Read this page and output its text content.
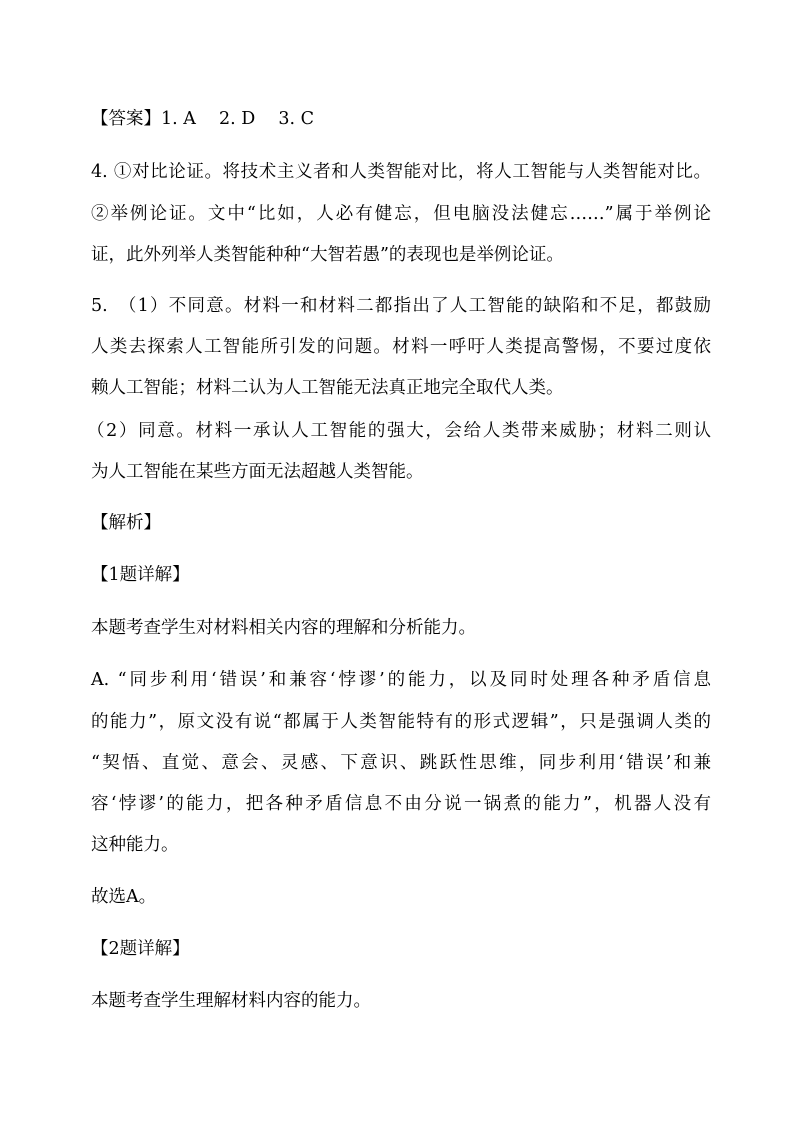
【答案】1. A　 2. D　 3. C
4. ①对比论证。将技术主义者和人类智能对比，将人工智能与人类智能对比。
②举例论证。文中“比如，人必有健忘，但电脑没法健忘……”属于举例论
证，此外列举人类智能种种“大智若愚”的表现也是举例论证。
5.　（1）不同意。材料一和材料二都指出了人工智能的缺陷和不足，都鼓励
人类去探索人工智能所引发的问题。材料一呼吁人类提高警惕，不要过度依
赖人工智能；材料二认为人工智能无法真正地完全取代人类。
（2）同意。材料一承认人工智能的强大，会给人类带来威胁；材料二则认
为人工智能在某些方面无法超越人类智能。
【解析】
【1题详解】
本题考查学生对材料相关内容的理解和分析能力。
A. “同步利用‘错误’和兼容‘悖谬’的能力，以及同时处理各种矛盾信息
的能力”，原文没有说“都属于人类智能特有的形式逻辑”，只是强调人类的
“契悟、直觉、意会、灵感、下意识、跳跃性思维，同步利用‘错误’和兼
容‘悖谬’的能力，把各种矛盾信息不由分说一锅煮的能力”，机器人没有
这种能力。
故选A。
【2题详解】
本题考查学生理解材料内容的能力。
